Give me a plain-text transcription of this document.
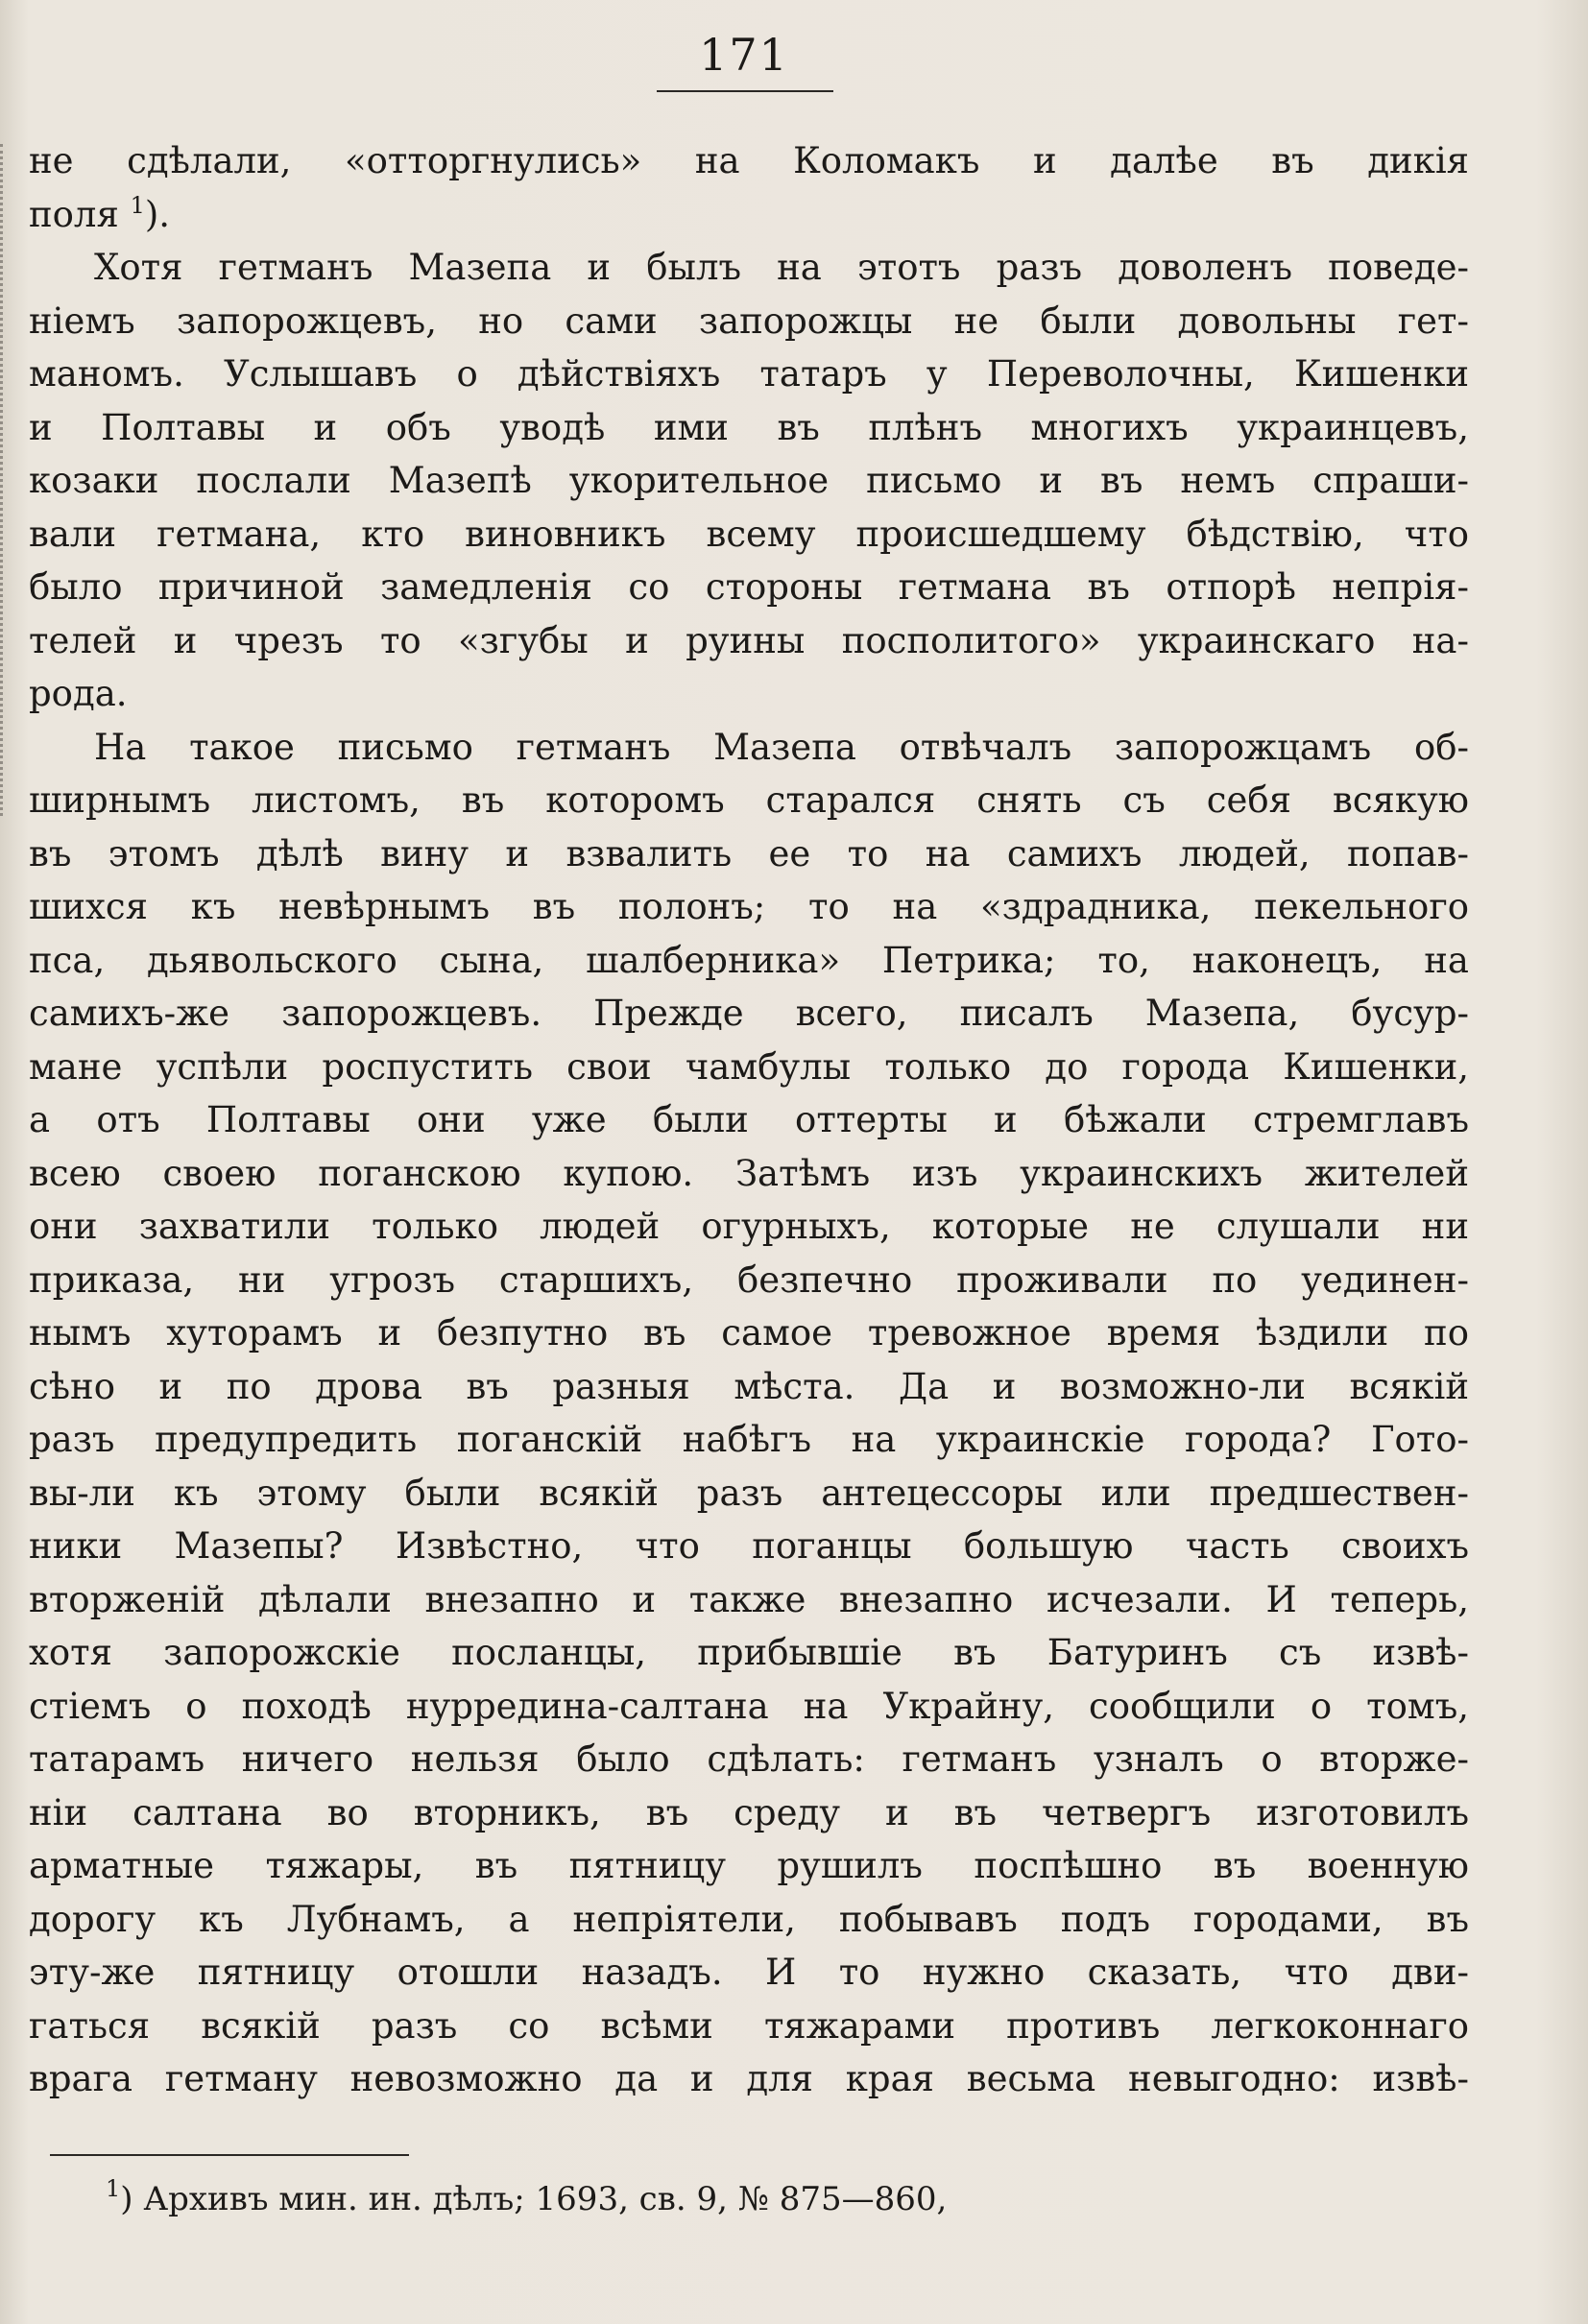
171
не сдѣлали, «отторгнулись» на Коломакъ и далѣе въ дикія
поля $^1$).
Хотя гетманъ Мазепа и былъ на этотъ разъ доволенъ поведе-
ніемъ запорожцевъ, но сами запорожцы не были довольны гет-
маномъ. Услышавъ о дѣйствіяхъ татаръ у Переволочны, Кишенки
и Полтавы и объ уводѣ ими въ плѣнъ многихъ украинцевъ,
козаки послали Мазепѣ укорительное письмо и въ немъ спраши-
вали гетмана, кто виновникъ всему происшедшему бѣдствію, что
было причиной замедленія со стороны гетмана въ отпорѣ непрія-
телей и чрезъ то «згубы и руины посполитого» украинскаго на-
рода.
На такое письмо гетманъ Мазепа отвѣчалъ запорожцамъ об-
ширнымъ листомъ, въ которомъ старался снять съ себя всякую
въ этомъ дѣлѣ вину и взвалить ее то на самихъ людей, попав-
шихся къ невѣрнымъ въ полонъ; то на «здрадника, пекельного
пса, дьявольского сына, шалберника» Петрика; то, наконецъ, на
самихъ-же запорожцевъ. Прежде всего, писалъ Мазепа, бусур-
мане успѣли роспустить свои чамбулы только до города Кишенки,
а отъ Полтавы они уже были оттерты и бѣжали стремглавъ
всею своею поганскою купою. Затѣмъ изъ украинскихъ жителей
они захватили только людей огурныхъ, которые не слушали ни
приказа, ни угрозъ старшихъ, безпечно проживали по уединен-
нымъ хуторамъ и безпутно въ самое тревожное время ѣздили по
сѣно и по дрова въ разныя мѣста. Да и возможно-ли всякій
разъ предупредить поганскій набѣгъ на украинскіе города? Гото-
вы-ли къ этому были всякій разъ антецессоры или предшествен-
ники Мазепы? Извѣстно, что поганцы большую часть своихъ
вторженій дѣлали внезапно и также внезапно исчезали. И теперь,
хотя запорожскіе посланцы, прибывшіе въ Батуринъ съ извѣ-
стіемъ о походѣ нурредина-салтана на Украйну, сообщили о томъ,
татарамъ ничего нельзя было сдѣлать: гетманъ узналъ о вторже-
ніи салтана во вторникъ, въ среду и въ четвергъ изготовилъ
арматные тяжары, въ пятницу рушилъ поспѣшно въ военную
дорогу къ Лубнамъ, а непріятели, побывавъ подъ городами, въ
эту-же пятницу отошли назадъ. И то нужно сказать, что дви-
гаться всякій разъ со всѣми тяжарами противъ легкоконнаго
врага гетману невозможно да и для края весьма невыгодно: извѣ-
$^1$) Архивъ мин. ин. дѣлъ; 1693, св. 9, № 875—860,
